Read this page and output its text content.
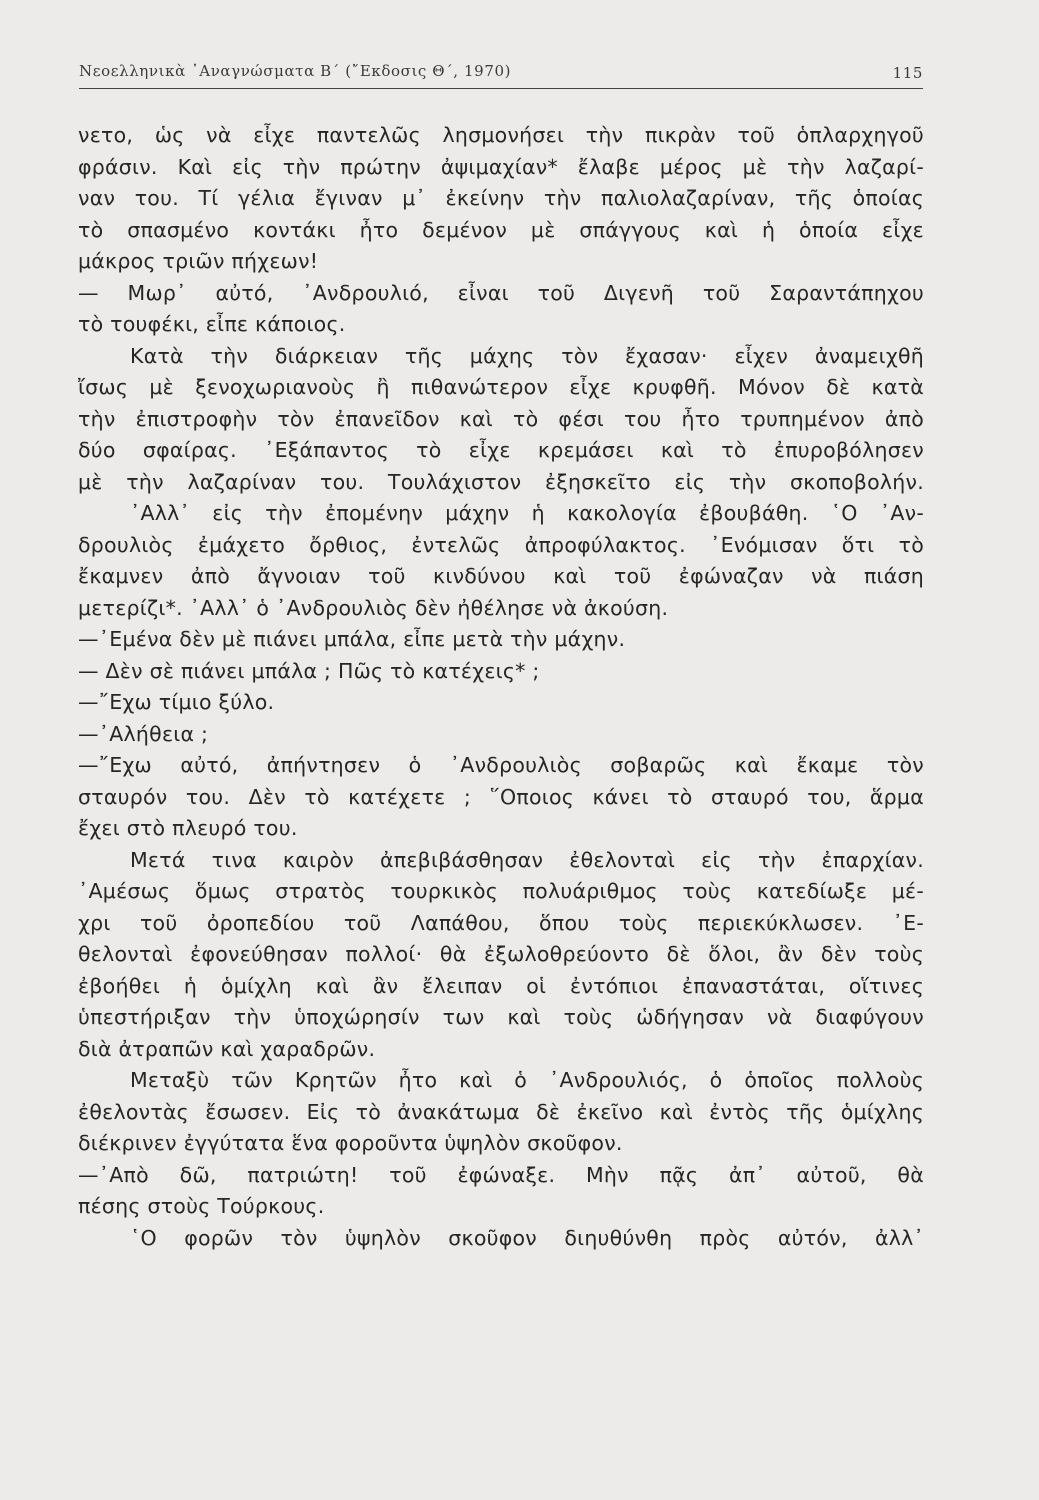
Νεοελληνικὰ ᾿Αναγνώσματα Β΄ (῎Εκδοσις Θ΄, 1970)	115
νετο, ὡς νὰ εἶχε παντελῶς λησμονήσει τὴν πικρὰν τοῦ ὁπλαρχηγοῦ
φράσιν. Καὶ εἰς τὴν πρώτην ἀψιμαχίαν* ἔλαβε μέρος μὲ τὴν λαζαρί-
ναν του. Τί γέλια ἔγιναν μ᾿ ἐκείνην τὴν παλιολαζαρίναν, τῆς ὁποίας
τὸ σπασμένο κοντάκι ἦτο δεμένον μὲ σπάγγους καὶ ἡ ὁποία εἶχε
μάκρος τριῶν πήχεων!
— Μωρ᾿ αὐτό, ᾿Ανδρουλιό, εἶναι τοῦ Διγενῆ τοῦ Σαραντάπηχου
τὸ τουφέκι, εἶπε κάποιος.
Κατὰ τὴν διάρκειαν τῆς μάχης τὸν ἔχασαν· εἶχεν ἀναμειχθῆ
ἴσως μὲ ξενοχωριανοὺς ἢ πιθανώτερον εἶχε κρυφθῆ. Μόνον δὲ κατὰ
τὴν ἐπιστροφὴν τὸν ἐπανεῖδον καὶ τὸ φέσι του ἦτο τρυπημένον ἀπὸ
δύο σφαίρας. ᾿Εξάπαντος τὸ εἶχε κρεμάσει καὶ τὸ ἐπυροβόλησεν
μὲ τὴν λαζαρίναν του. Τουλάχιστον ἐξησκεῖτο εἰς τὴν σκοποβολήν.
᾿Αλλ᾿ εἰς τὴν ἐπομένην μάχην ἡ κακολογία ἐβουβάθη. ῾Ο ᾿Αν-
δρουλιὸς ἐμάχετο ὄρθιος, ἐντελῶς ἀπροφύλακτος. ᾿Ενόμισαν ὅτι τὸ
ἔκαμνεν ἀπὸ ἄγνοιαν τοῦ κινδύνου καὶ τοῦ ἐφώναζαν νὰ πιάση
μετερίζι*. ᾿Αλλ᾿ ὁ ᾿Ανδρουλιὸς δὲν ἠθέλησε νὰ ἀκούση.
—᾿Εμένα δὲν μὲ πιάνει μπάλα, εἶπε μετὰ τὴν μάχην.
— Δὲν σὲ πιάνει μπάλα ; Πῶς τὸ κατέχεις* ;
—῎Εχω τίμιο ξύλο.
—᾿Αλήθεια ;
—῎Εχω αὐτό, ἀπήντησεν ὁ ᾿Ανδρουλιὸς σοβαρῶς καὶ ἔκαμε τὸν
σταυρόν του. Δὲν τὸ κατέχετε ; ῞Οποιος κάνει τὸ σταυρό του, ἅρμα
ἔχει στὸ πλευρό του.
Μετά τινα καιρὸν ἀπεβιβάσθησαν ἐθελονταὶ εἰς τὴν ἐπαρχίαν.
᾿Αμέσως ὅμως στρατὸς τουρκικὸς πολυάριθμος τοὺς κατεδίωξε μέ-
χρι τοῦ ὀροπεδίου τοῦ Λαπάθου, ὅπου τοὺς περιεκύκλωσεν. ᾿Ε-
θελονταὶ ἐφονεύθησαν πολλοί· θὰ ἐξωλοθρεύοντο δὲ ὅλοι, ἂν δὲν τοὺς
ἐβοήθει ἡ ὁμίχλη καὶ ἂν ἔλειπαν οἱ ἐντόπιοι ἐπαναστάται, οἵτινες
ὑπεστήριξαν τὴν ὑποχώρησίν των καὶ τοὺς ὡδήγησαν νὰ διαφύγουν
διὰ ἀτραπῶν καὶ χαραδρῶν.
Μεταξὺ τῶν Κρητῶν ἦτο καὶ ὁ ᾿Ανδρουλιός, ὁ ὁποῖος πολλοὺς
ἐθελοντὰς ἔσωσεν. Εἰς τὸ ἀνακάτωμα δὲ ἐκεῖνο καὶ ἐντὸς τῆς ὁμίχλης
διέκρινεν ἐγγύτατα ἕνα φοροῦντα ὑψηλὸν σκοῦφον.
—᾿Απὸ δῶ, πατριώτη! τοῦ ἐφώναξε. Μὴν πᾷς ἀπ᾿ αὐτοῦ, θὰ
πέσης στοὺς Τούρκους.
῾Ο φορῶν τὸν ὑψηλὸν σκοῦφον διηυθύνθη πρὸς αὐτόν, ἀλλ᾿
